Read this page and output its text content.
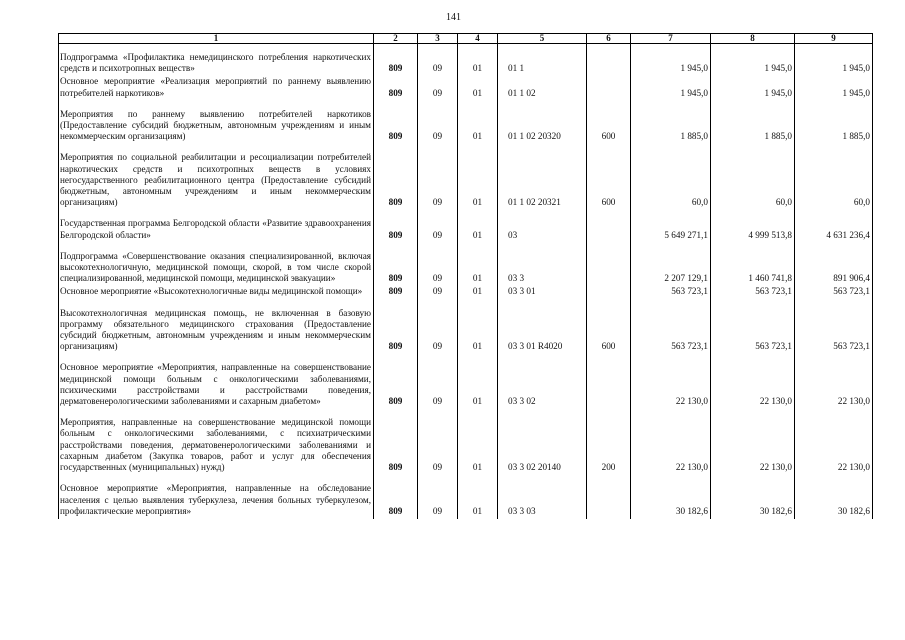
141
1	2	3	4	5	6	7	8	9

Подпрограмма «Профилактика немедицинского потребления наркотических средств и психотропных веществ»	809	09	01	01 1		1 945,0	1 945,0	1 945,0
Основное мероприятие «Реализация мероприятий по раннему выявлению потребителей наркотиков»	809	09	01	01 1 02		1 945,0	1 945,0	1 945,0

Мероприятия по раннему выявлению потребителей наркотиков (Предоставление субсидий бюджетным, автономным учреждениям и иным некоммерческим организациям)	809	09	01	01 1 02 20320	600	1 885,0	1 885,0	1 885,0

Мероприятия по социальной реабилитации и ресоциализации потребителей наркотических средств и психотропных веществ в условиях негосударственного реабилитационного центра (Предоставление субсидий бюджетным, автономным учреждениям и иным некоммерческим организациям)	809	09	01	01 1 02 20321	600	60,0	60,0	60,0

Государственная программа Белгородской области «Развитие здравоохранения Белгородской области»	809	09	01	03		5 649 271,1	4 999 513,8	4 631 236,4

Подпрограмма «Совершенствование оказания специализированной, включая высокотехнологичную, медицинской помощи, скорой, в том числе скорой специализированной, медицинской помощи, медицинской эвакуации»	809	09	01	03 3		2 207 129,1	1 460 741,8	891 906,4
Основное мероприятие «Высокотехнологичные виды медицинской помощи»	809	09	01	03 3 01		563 723,1	563 723,1	563 723,1

Высокотехнологичная медицинская помощь, не включенная в базовую программу обязательного медицинского страхования (Предоставление субсидий бюджетным, автономным учреждениям и иным некоммерческим организациям)	809	09	01	03 3 01 R4020	600	563 723,1	563 723,1	563 723,1

Основное мероприятие «Мероприятия, направленные на совершенствование медицинской помощи больным с онкологическими заболеваниями, психическими расстройствами и расстройствами поведения, дерматовенерологическими заболеваниями и сахарным диабетом»	809	09	01	03 3 02		22 130,0	22 130,0	22 130,0

Мероприятия, направленные на совершенствование медицинской помощи больным с онкологическими заболеваниями, с психиатрическими расстройствами поведения, дерматовенерологическими заболеваниями и сахарным диабетом (Закупка товаров, работ и услуг для обеспечения государственных (муниципальных) нужд)	809	09	01	03 3 02 20140	200	22 130,0	22 130,0	22 130,0

Основное мероприятие «Мероприятия, направленные на обследование населения с целью выявления туберкулеза, лечения больных туберкулезом, профилактические мероприятия»	809	09	01	03 3 03		30 182,6	30 182,6	30 182,6
